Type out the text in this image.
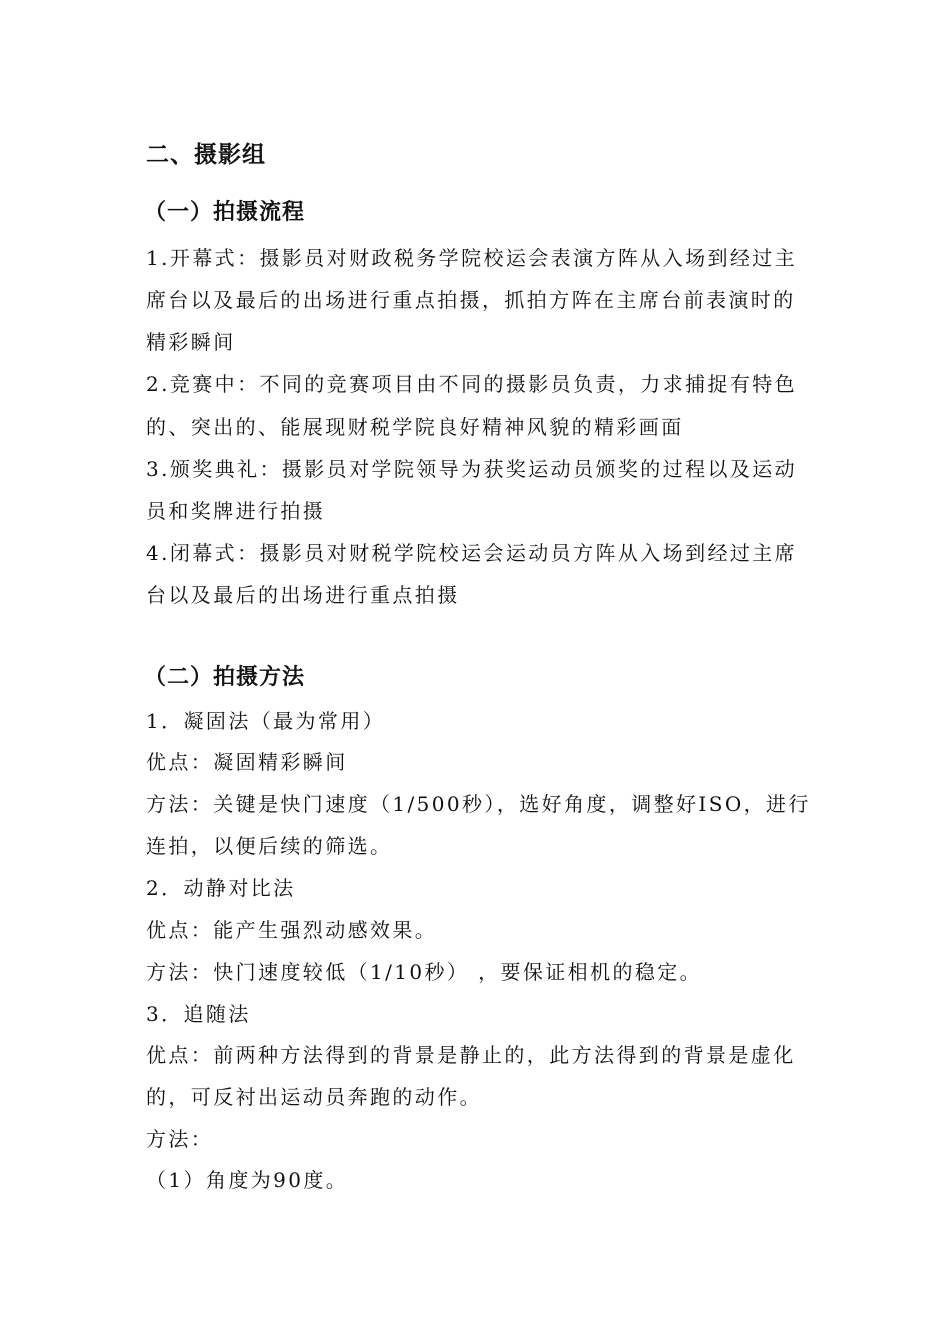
二、摄影组
（一）拍摄流程
1.开幕式：摄影员对财政税务学院校运会表演方阵从入场到经过主
席台以及最后的出场进行重点拍摄，抓拍方阵在主席台前表演时的
精彩瞬间
2.竞赛中：不同的竞赛项目由不同的摄影员负责，力求捕捉有特色
的、突出的、能展现财税学院良好精神风貌的精彩画面
3.颁奖典礼：摄影员对学院领导为获奖运动员颁奖的过程以及运动
员和奖牌进行拍摄
4.闭幕式：摄影员对财税学院校运会运动员方阵从入场到经过主席
台以及最后的出场进行重点拍摄
（二）拍摄方法
1．凝固法（最为常用）
优点：凝固精彩瞬间
方法：关键是快门速度（1/500秒），选好角度，调整好ISO，进行
连拍，以便后续的筛选。
2．动静对比法
优点：能产生强烈动感效果。
方法：快门速度较低（1/10秒） ，要保证相机的稳定。
3．追随法
优点：前两种方法得到的背景是静止的，此方法得到的背景是虚化
的，可反衬出运动员奔跑的动作。
方法：
（1）角度为90度。
